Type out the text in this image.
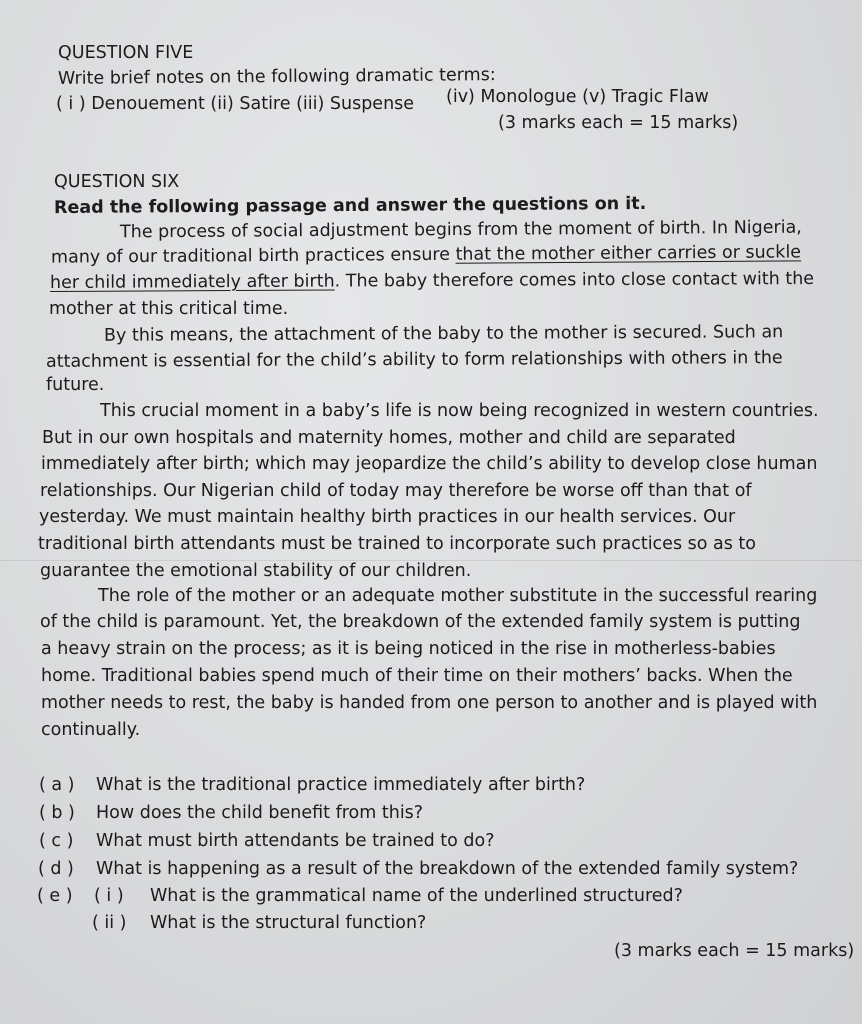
QUESTION FIVE
Write brief notes on the following dramatic terms:
( i ) Denouement (ii) Satire (iii) Suspense (iv) Monologue (v) Tragic Flaw
(3 marks each = 15 marks)
QUESTION SIX
Read the following passage and answer the questions on it.
The process of social adjustment begins from the moment of birth. In Nigeria,
many of our traditional birth practices ensure that the mother either carries or suckle
her child immediately after birth. The baby therefore comes into close contact with the
mother at this critical time.
By this means, the attachment of the baby to the mother is secured. Such an
attachment is essential for the child’s ability to form relationships with others in the
future.
This crucial moment in a baby’s life is now being recognized in western countries.
But in our own hospitals and maternity homes, mother and child are separated
immediately after birth; which may jeopardize the child’s ability to develop close human
relationships. Our Nigerian child of today may therefore be worse off than that of
yesterday. We must maintain healthy birth practices in our health services. Our
traditional birth attendants must be trained to incorporate such practices so as to
guarantee the emotional stability of our children.
The role of the mother or an adequate mother substitute in the successful rearing
of the child is paramount. Yet, the breakdown of the extended family system is putting
a heavy strain on the process; as it is being noticed in the rise in motherless-babies
home. Traditional babies spend much of their time on their mothers’ backs. When the
mother needs to rest, the baby is handed from one person to another and is played with
continually.
( a ) What is the traditional practice immediately after birth?
( b ) How does the child benefit from this?
( c ) What must birth attendants be trained to do?
( d ) What is happening as a result of the breakdown of the extended family system?
( e ) ( i ) What is the grammatical name of the underlined structured?
( ii ) What is the structural function?
(3 marks each = 15 marks)
